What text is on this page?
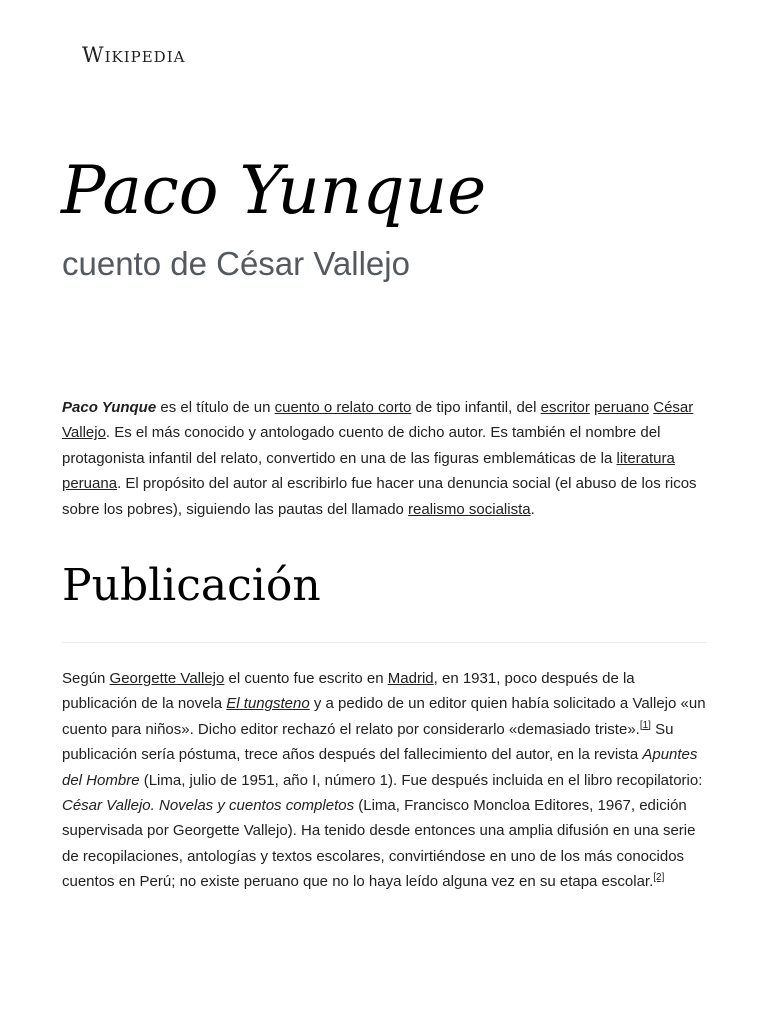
Wikipedia
Paco Yunque
cuento de César Vallejo

Paco Yunque es el título de un cuento o relato corto de tipo infantil, del escritor peruano César Vallejo. Es el más conocido y antologado cuento de dicho autor. Es también el nombre del protagonista infantil del relato, convertido en una de las figuras emblemáticas de la literatura peruana. El propósito del autor al escribirlo fue hacer una denuncia social (el abuso de los ricos sobre los pobres), siguiendo las pautas del llamado realismo socialista.

Publicación

Según Georgette Vallejo el cuento fue escrito en Madrid, en 1931, poco después de la publicación de la novela El tungsteno y a pedido de un editor quien había solicitado a Vallejo «un cuento para niños». Dicho editor rechazó el relato por considerarlo «demasiado triste».[1] Su publicación sería póstuma, trece años después del fallecimiento del autor, en la revista Apuntes del Hombre (Lima, julio de 1951, año I, número 1). Fue después incluida en el libro recopilatorio: César Vallejo. Novelas y cuentos completos (Lima, Francisco Moncloa Editores, 1967, edición supervisada por Georgette Vallejo). Ha tenido desde entonces una amplia difusión en una serie de recopilaciones, antologías y textos escolares, convirtiéndose en uno de los más conocidos cuentos en Perú; no existe peruano que no lo haya leído alguna vez en su etapa escolar.[2]
